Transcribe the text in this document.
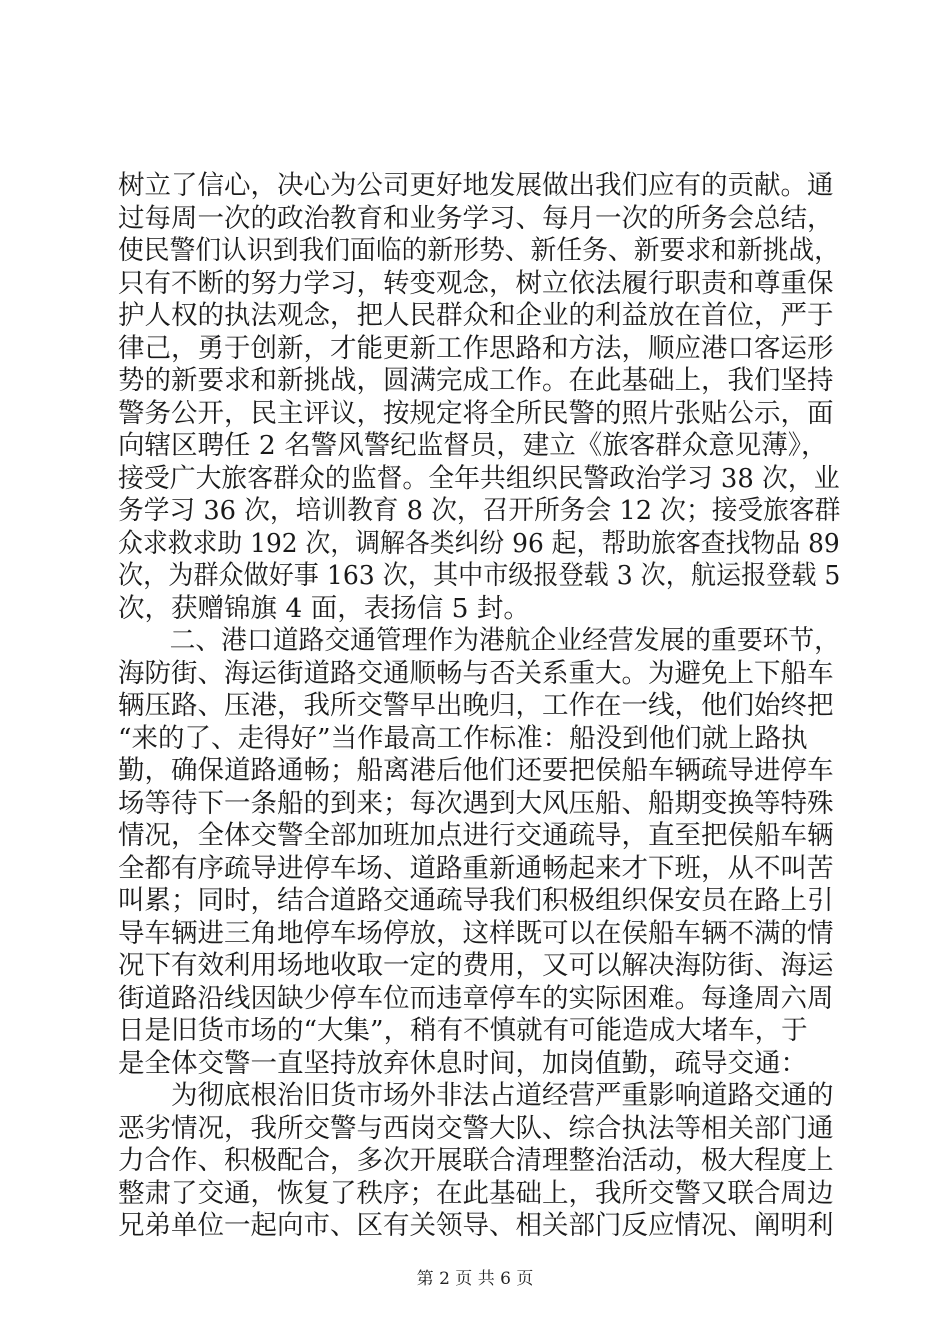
树立了信心，决心为公司更好地发展做出我们应有的贡献。通
过每周一次的政治教育和业务学习、每月一次的所务会总结，
使民警们认识到我们面临的新形势、新任务、新要求和新挑战，
只有不断的努力学习，转变观念，树立依法履行职责和尊重保
护人权的执法观念，把人民群众和企业的利益放在首位，严于
律己，勇于创新，才能更新工作思路和方法，顺应港口客运形
势的新要求和新挑战，圆满完成工作。在此基础上，我们坚持
警务公开，民主评议，按规定将全所民警的照片张贴公示，面
向辖区聘任 2 名警风警纪监督员，建立《旅客群众意见薄》，
接受广大旅客群众的监督。全年共组织民警政治学习 38 次，业
务学习 36 次，培训教育 8 次，召开所务会 12 次；接受旅客群
众求救求助 192 次，调解各类纠纷 96 起，帮助旅客查找物品 89
次，为群众做好事 163 次，其中市级报登载 3 次，航运报登载 5
次，获赠锦旗 4 面，表扬信 5 封。
　　二、港口道路交通管理作为港航企业经营发展的重要环节，
海防街、海运街道路交通顺畅与否关系重大。为避免上下船车
辆压路、压港，我所交警早出晚归，工作在一线，他们始终把
“来的了、走得好”当作最高工作标准：船没到他们就上路执
勤，确保道路通畅；船离港后他们还要把侯船车辆疏导进停车
场等待下一条船的到来；每次遇到大风压船、船期变换等特殊
情况，全体交警全部加班加点进行交通疏导，直至把侯船车辆
全都有序疏导进停车场、道路重新通畅起来才下班，从不叫苦
叫累；同时，结合道路交通疏导我们积极组织保安员在路上引
导车辆进三角地停车场停放，这样既可以在侯船车辆不满的情
况下有效利用场地收取一定的费用，又可以解决海防街、海运
街道路沿线因缺少停车位而违章停车的实际困难。每逢周六周
日是旧货市场的“大集”，稍有不慎就有可能造成大堵车，于
是全体交警一直坚持放弃休息时间，加岗值勤，疏导交通：
　　为彻底根治旧货市场外非法占道经营严重影响道路交通的
恶劣情况，我所交警与西岗交警大队、综合执法等相关部门通
力合作、积极配合，多次开展联合清理整治活动，极大程度上
整肃了交通，恢复了秩序；在此基础上，我所交警又联合周边
兄弟单位一起向市、区有关领导、相关部门反应情况、阐明利
第 2 页 共 6 页
